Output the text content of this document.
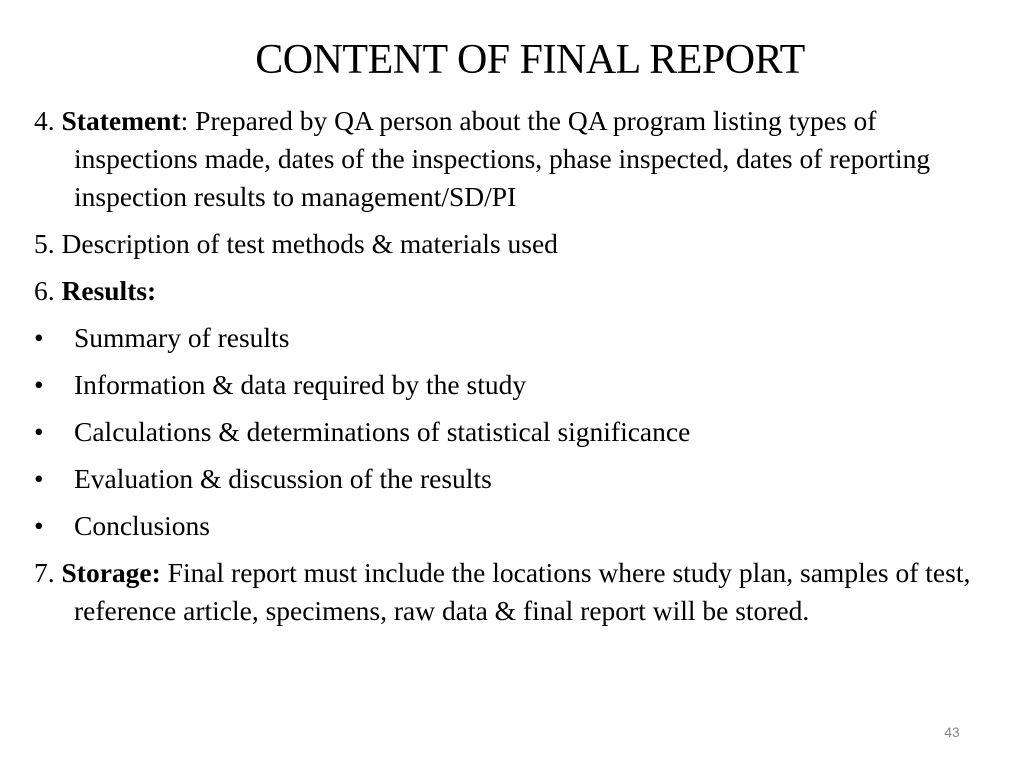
CONTENT OF FINAL REPORT

4. Statement: Prepared by QA person about the QA program listing types of inspections made, dates of the inspections, phase inspected, dates of reporting inspection results to management/SD/PI

5. Description of test methods & materials used

6. Results:

• Summary of results
• Information & data required by the study
• Calculations & determinations of statistical significance
• Evaluation & discussion of the results
• Conclusions

7. Storage: Final report must include the locations where study plan, samples of test, reference article, specimens, raw data & final report will be stored.

43
